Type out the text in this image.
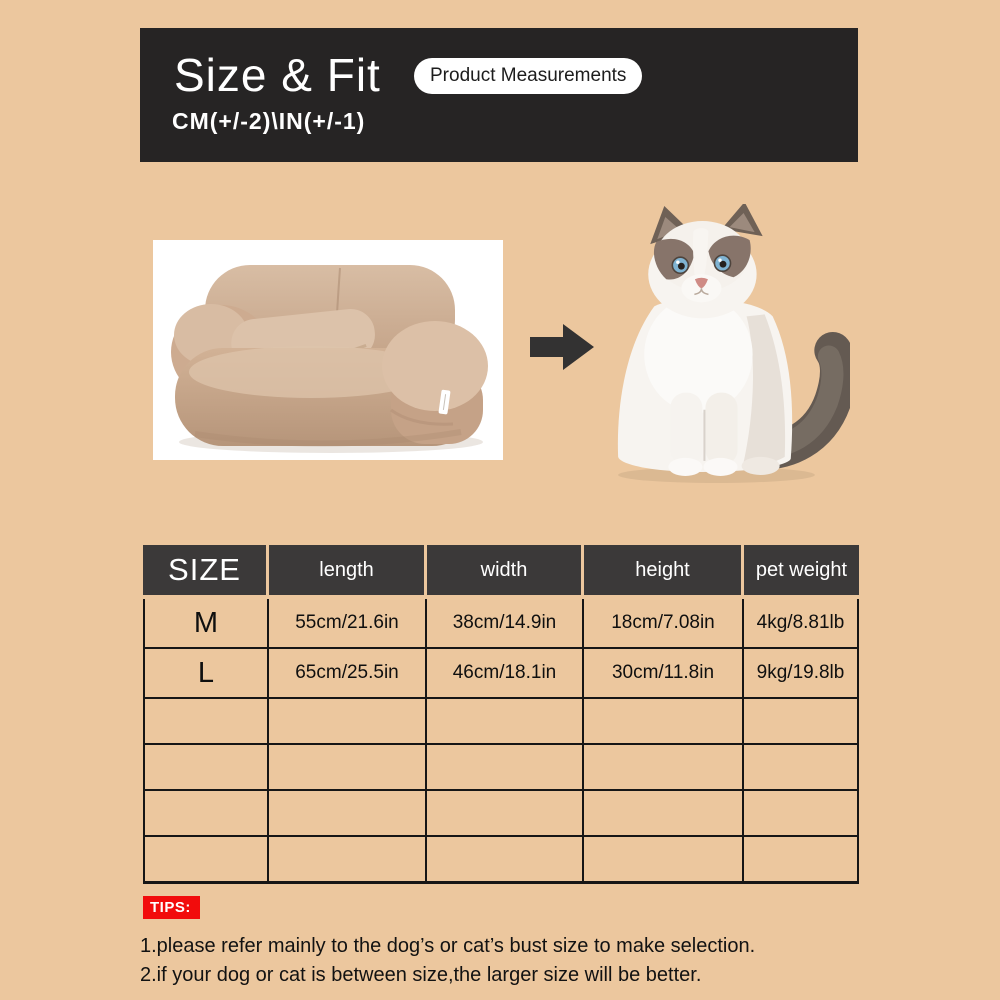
Size & Fit	Product Measurements
CM(+/-2)\IN(+/-1)
SIZE	length	width	height	pet weight
M	55cm/21.6in	38cm/14.9in	18cm/7.08in	4kg/8.81lb
L	65cm/25.5in	46cm/18.1in	30cm/11.8in	9kg/19.8lb

TIPS:
1.please refer mainly to the dog’s or cat’s bust size to make selection.
2.if your dog or cat is between size,the larger size will be better.
